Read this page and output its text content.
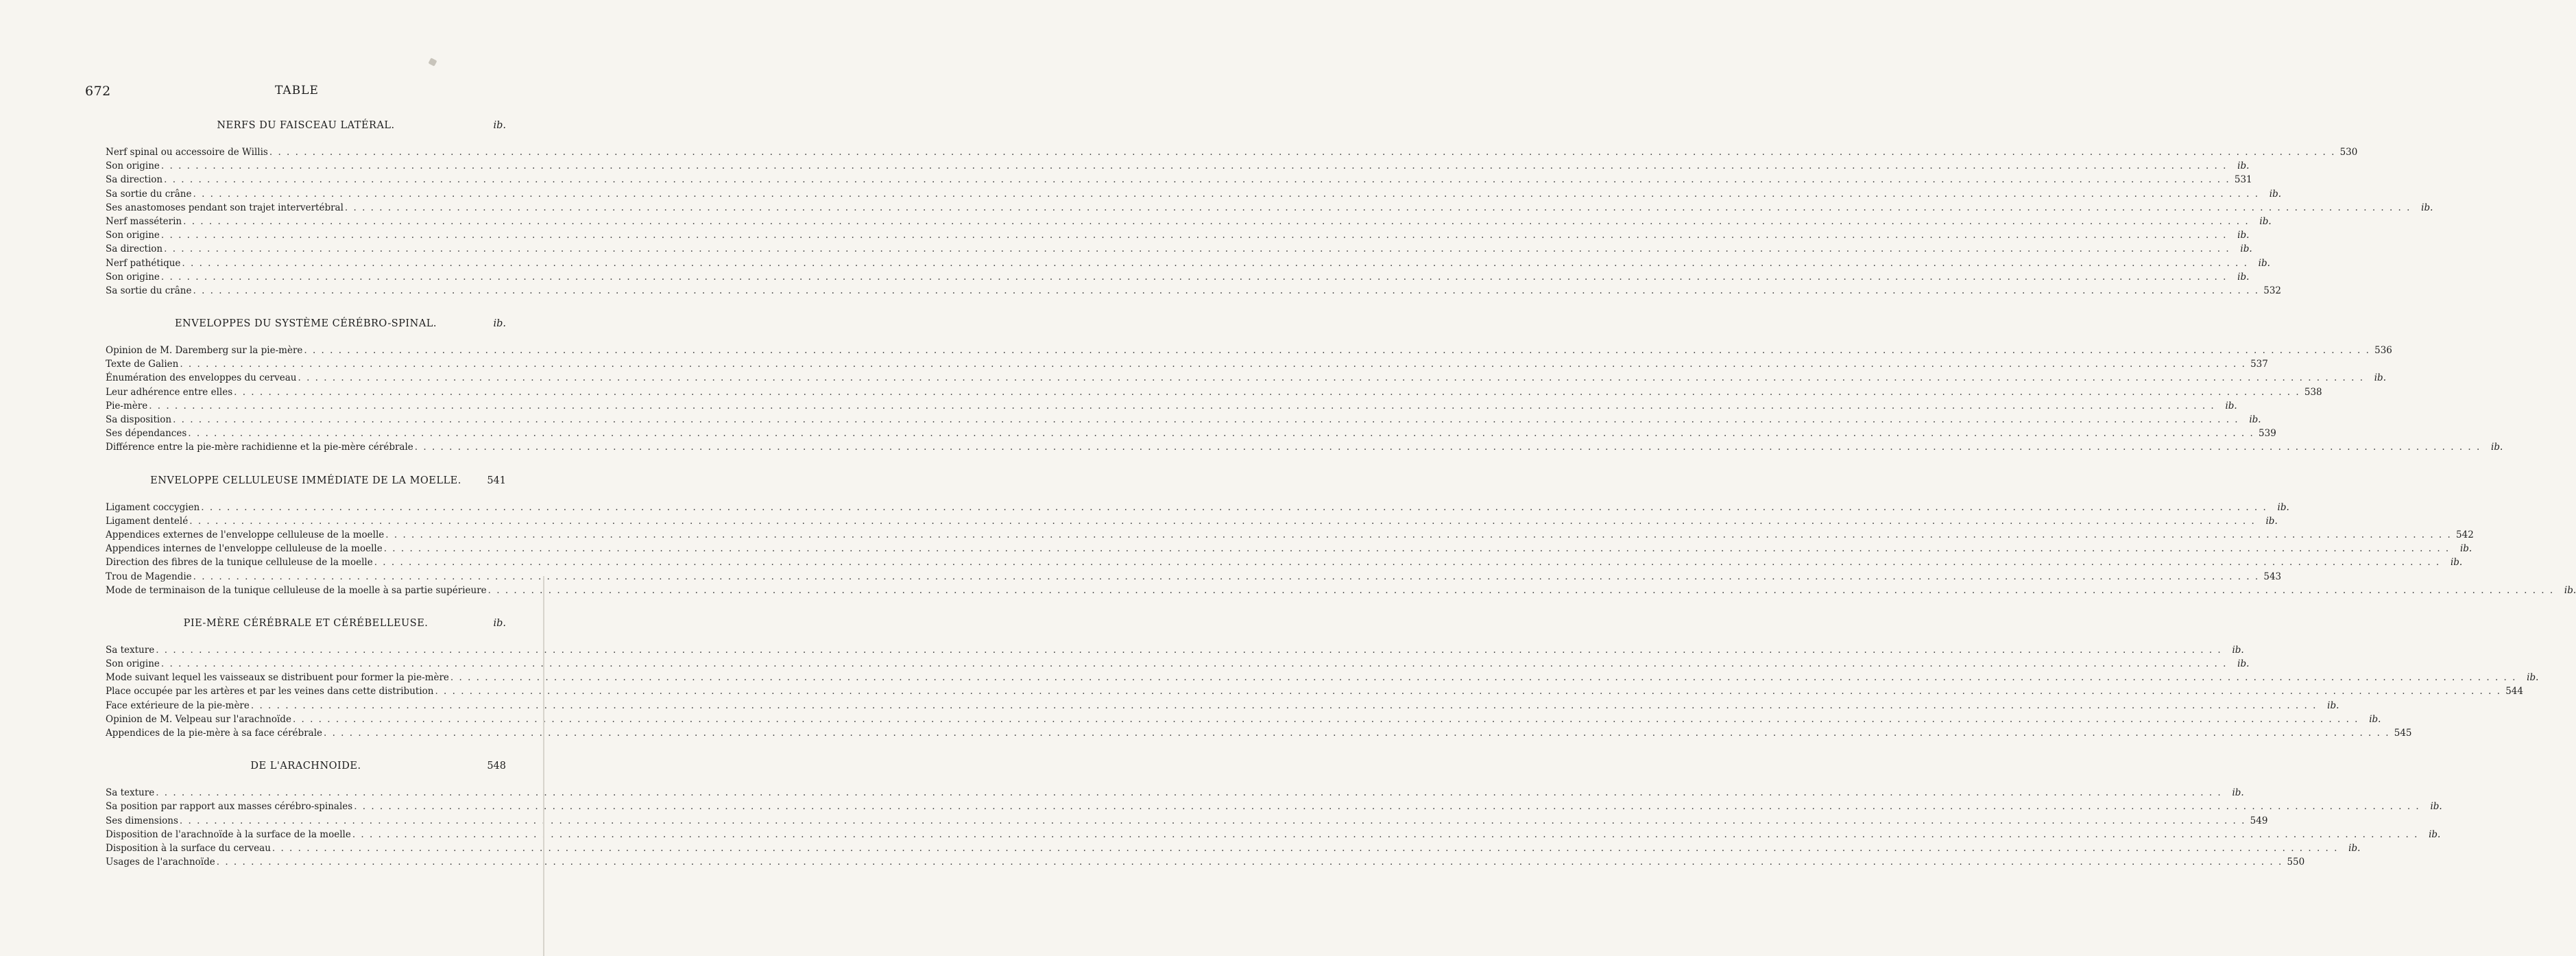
672	TABLE
NERFS DU FAISCEAU LATÉRAL.	ib.
Nerf spinal ou accessoire de Willis . . .	530
Son origine . . .	ib.
Sa direction . . .	531
Sa sortie du crâne . . .	ib.
Ses anastomoses pendant son trajet intervertébral . . .	ib.
Nerf masséterin . . .	ib.
Son origine . . .	ib.
Sa direction . . .	ib.
Nerf pathétique . . .	ib.
Son origine . . .	ib.
Sa sortie du crâne . . .	532
ENVELOPPES DU SYSTÈME CÉRÉBRO-SPINAL.	ib.
Opinion de M. Daremberg sur la pie-mère . . .	536
Texte de Galien . . .	537
Énumération des enveloppes du cerveau . . .	ib.
Leur adhérence entre elles . . .	538
Pie-mère . . .	ib.
Sa disposition . . .	ib.
Ses dépendances . . .	539
Différence entre la pie-mère rachidienne et la pie-mère cérébrale . . .	ib.
ENVELOPPE CELLULEUSE IMMÉDIATE DE LA MOELLE.	541
Ligament coccygien . . .	ib.
Ligament dentelé . . .	ib.
Appendices externes de l'enveloppe celluleuse de la moelle . . .	542
Appendices internes de l'enveloppe celluleuse de la moelle . . .	ib.
Direction des fibres de la tunique celluleuse de la moelle . . .	ib.
Trou de Magendie . . .	543
Mode de terminaison de la tunique celluleuse de la moelle à sa partie supérieure . . .	ib.
PIE-MÈRE CÉRÉBRALE ET CÉRÉBELLEUSE.	ib.
Sa texture . . .	ib.
Son origine . . .	ib.
Mode suivant lequel les vaisseaux se distribuent pour former la pie-mère . . .	ib.
Place occupée par les artères et par les veines dans cette distribution . . .	544
Face extérieure de la pie-mère . . .	ib.
Opinion de M. Velpeau sur l'arachnoïde . . .	ib.
Appendices de la pie-mère à sa face cérébrale . . .	545
DE L'ARACHNOIDE.	548
Sa texture . . .	ib.
Sa position par rapport aux masses cérébro-spinales . . .	ib.
Ses dimensions . . .	549
Disposition de l'arachnoïde à la surface de la moelle . . .	ib.
Disposition à la surface du cerveau . . .	ib.
Usages de l'arachnoïde . . .	550
